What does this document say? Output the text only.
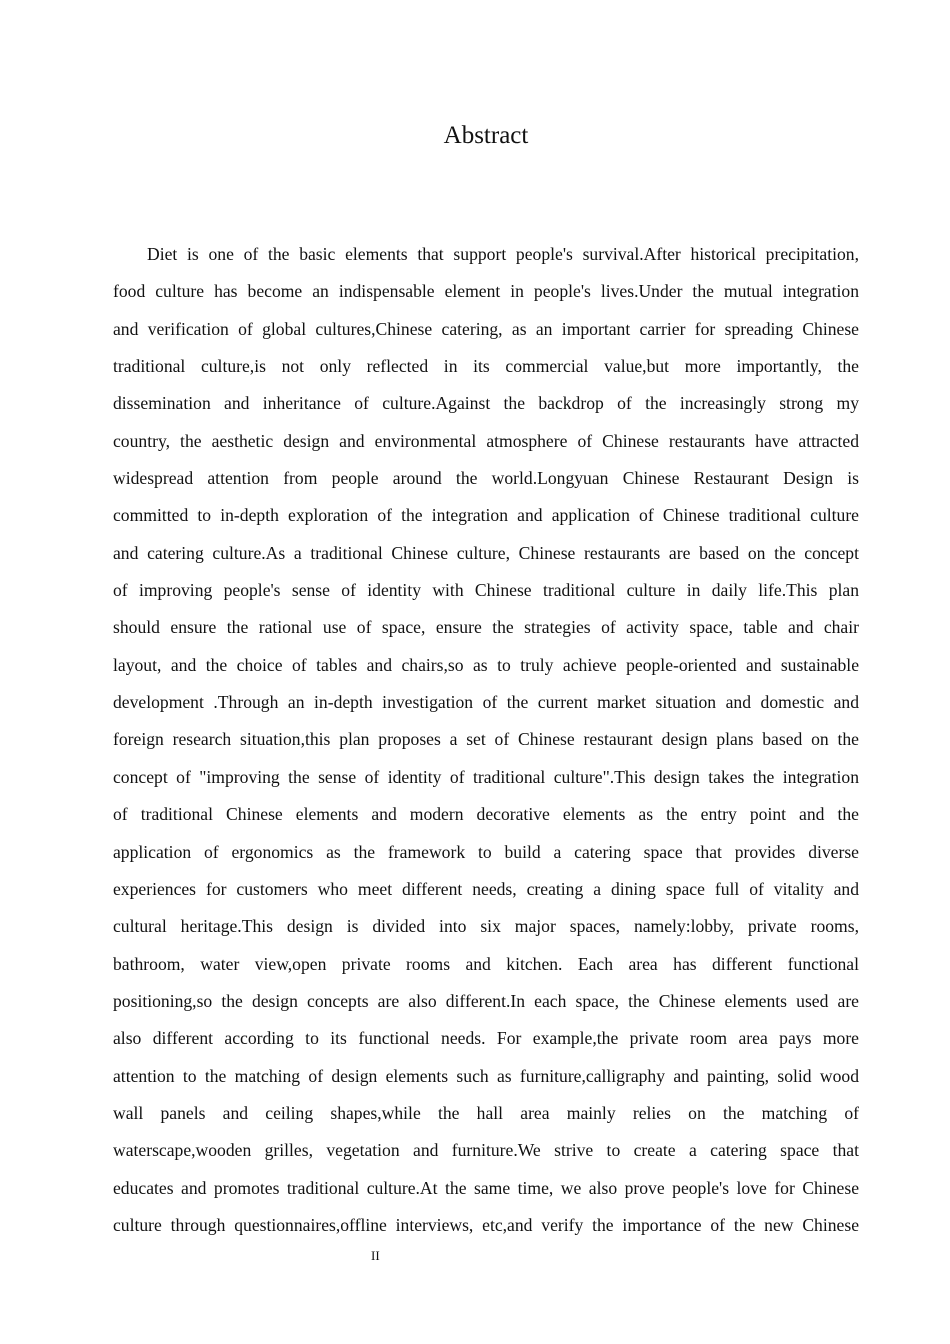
Abstract
Diet is one of the basic elements that support people's survival.After historical precipitation,
food culture has become an indispensable element in people's lives.Under the mutual integration
and verification of global cultures,Chinese catering, as an important carrier for spreading Chinese
traditional culture,is not only reflected in its commercial value,but more importantly, the
dissemination and inheritance of culture.Against the backdrop of the increasingly strong my
country, the aesthetic design and environmental atmosphere of Chinese restaurants have attracted
widespread attention from people around the world.Longyuan Chinese Restaurant Design is
committed to in-depth exploration of the integration and application of Chinese traditional culture
and catering culture.As a traditional Chinese culture, Chinese restaurants are based on the concept
of improving people's sense of identity with Chinese traditional culture in daily life.This plan
should ensure the rational use of space, ensure the strategies of activity space, table and chair
layout, and the choice of tables and chairs,so as to truly achieve people-oriented and sustainable
development .Through an in-depth investigation of the current market situation and domestic and
foreign research situation,this plan proposes a set of Chinese restaurant design plans based on the
concept of "improving the sense of identity of traditional culture".This design takes the integration
of traditional Chinese elements and modern decorative elements as the entry point and the
application of ergonomics as the framework to build a catering space that provides diverse
experiences for customers who meet different needs, creating a dining space full of vitality and
cultural heritage.This design is divided into six major spaces, namely:lobby, private rooms,
bathroom, water view,open private rooms and kitchen. Each area has different functional
positioning,so the design concepts are also different.In each space, the Chinese elements used are
also different according to its functional needs. For example,the private room area pays more
attention to the matching of design elements such as furniture,calligraphy and painting, solid wood
wall panels and ceiling shapes,while the hall area mainly relies on the matching of
waterscape,wooden grilles, vegetation and furniture.We strive to create a catering space that
educates and promotes traditional culture.At the same time, we also prove people's love for Chinese
culture through questionnaires,offline interviews, etc,and verify the importance of the new Chinese
II
